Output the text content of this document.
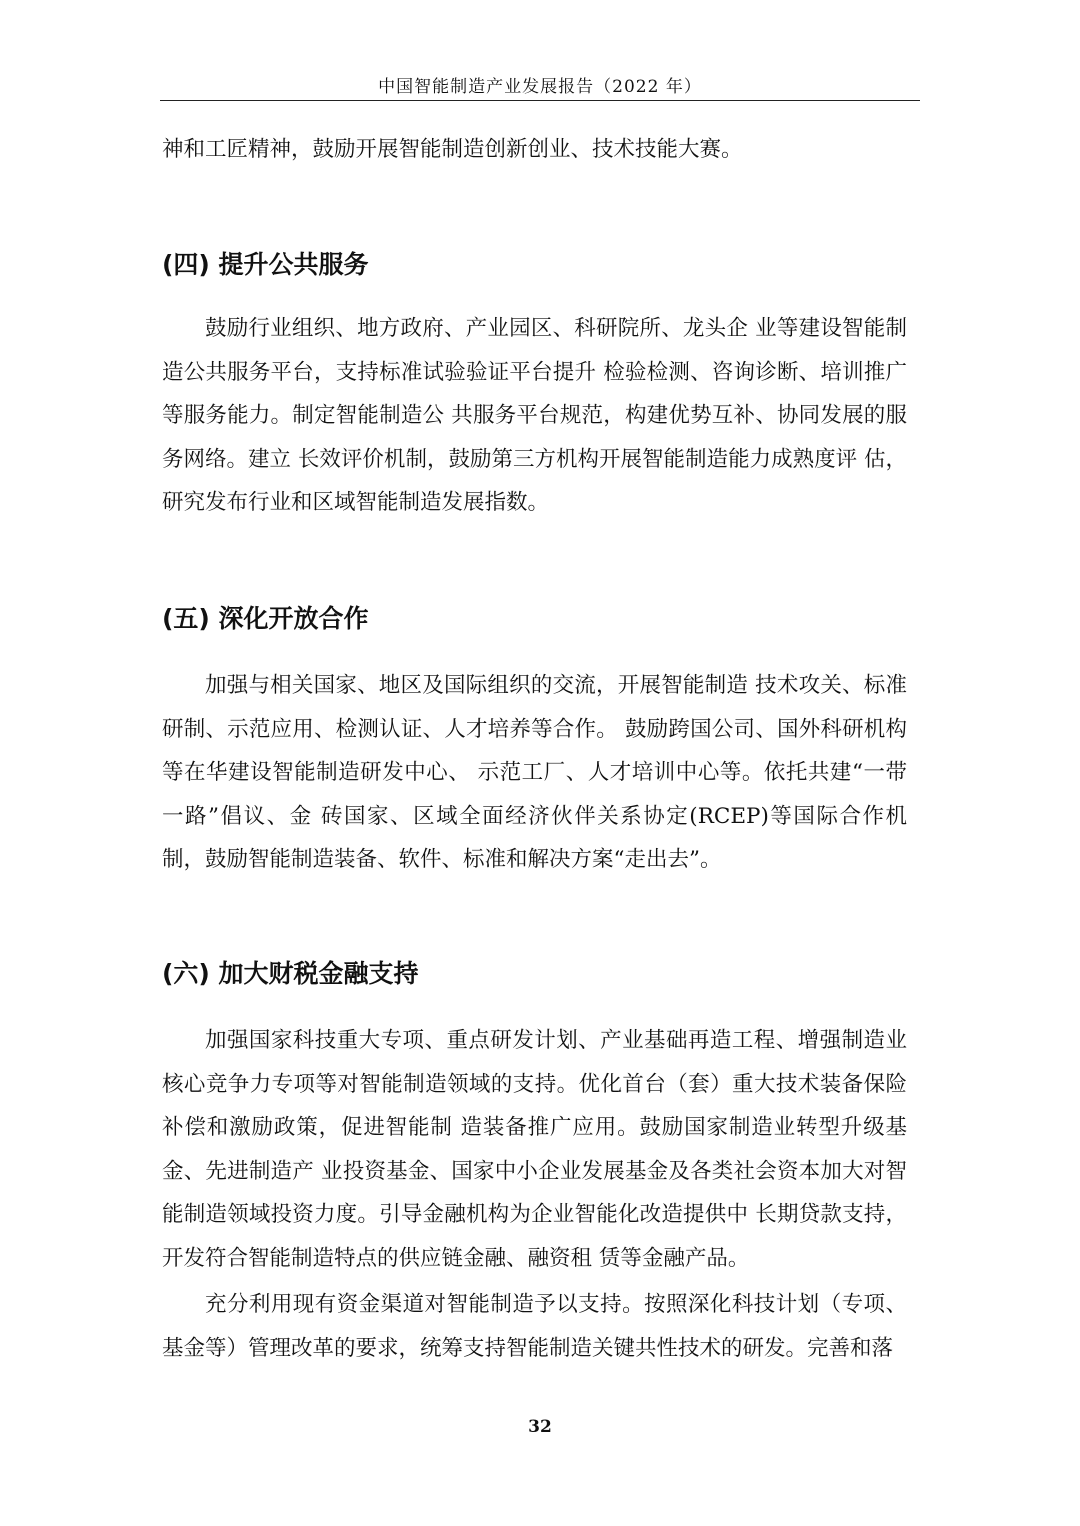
中国智能制造产业发展报告（2022 年）

神和工匠精神，鼓励开展智能制造创新创业、技术技能大赛。

(四) 提升公共服务

鼓励行业组织、地方政府、产业园区、科研院所、龙头企 业等建设智能制造公共服务平台，支持标准试验验证平台提升 检验检测、咨询诊断、培训推广等服务能力。制定智能制造公 共服务平台规范，构建优势互补、协同发展的服务网络。建立 长效评价机制，鼓励第三方机构开展智能制造能力成熟度评 估，研究发布行业和区域智能制造发展指数。

(五) 深化开放合作

加强与相关国家、地区及国际组织的交流，开展智能制造 技术攻关、标准研制、示范应用、检测认证、人才培养等合作。 鼓励跨国公司、国外科研机构等在华建设智能制造研发中心、 示范工厂、人才培训中心等。依托共建“一带一路”倡议、金 砖国家、区域全面经济伙伴关系协定(RCEP)等国际合作机 制，鼓励智能制造装备、软件、标准和解决方案“走出去”。

(六) 加大财税金融支持

加强国家科技重大专项、重点研发计划、产业基础再造工程、增强制造业核心竞争力专项等对智能制造领域的支持。优化首台（套）重大技术装备保险补偿和激励政策，促进智能制 造装备推广应用。鼓励国家制造业转型升级基金、先进制造产 业投资基金、国家中小企业发展基金及各类社会资本加大对智 能制造领域投资力度。引导金融机构为企业智能化改造提供中 长期贷款支持，开发符合智能制造特点的供应链金融、融资租 赁等金融产品。

充分利用现有资金渠道对智能制造予以支持。按照深化科技计划（专项、基金等）管理改革的要求，统筹支持智能制造关键共性技术的研发。完善和落

32
